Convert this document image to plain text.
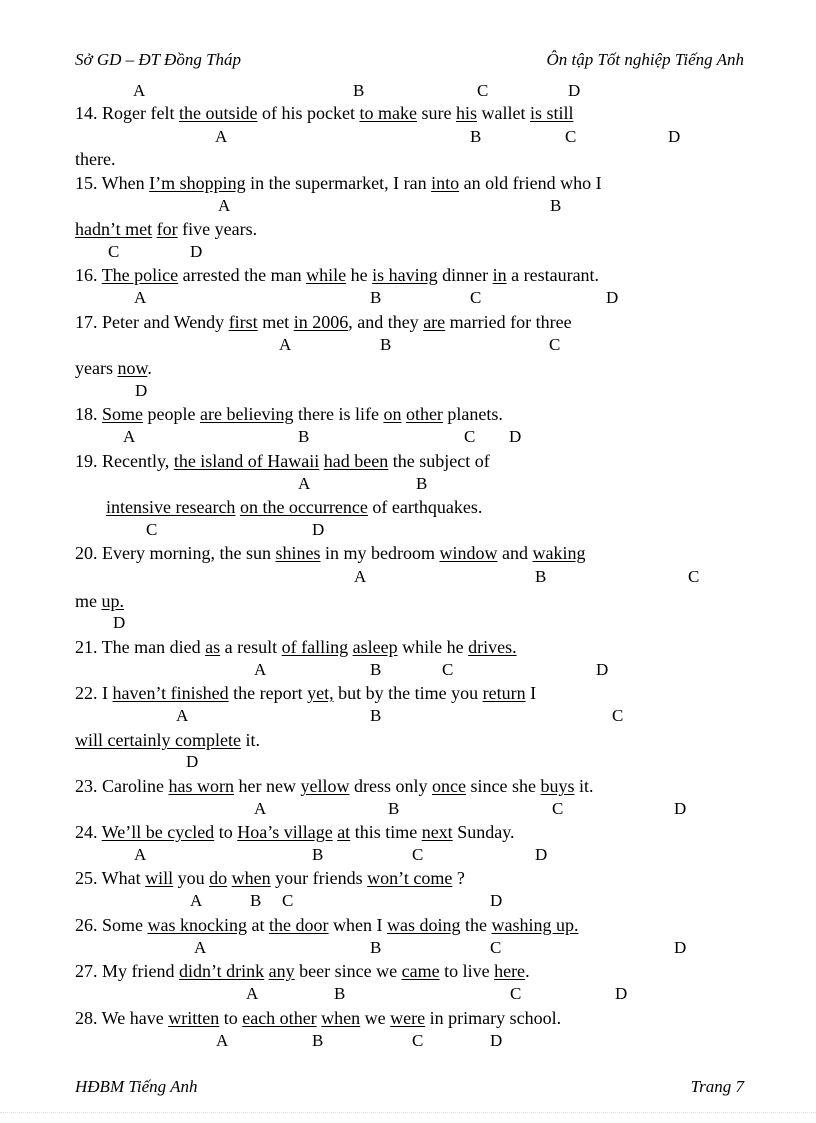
Sở GD – ĐT Đồng Tháp	Ôn tập Tốt nghiệp Tiếng Anh
A	B	C	D
14. Roger felt the outside of his pocket to make sure his wallet is still
A	B	C	D
there.
15. When I’m shopping in the supermarket, I ran into an old friend who I
A	B
hadn’t met for five years.
C	D
16. The police arrested the man while he is having dinner in a restaurant.
A	B	C	D
17. Peter and Wendy first met in 2006, and they are married for three
A	B	C
years now.
D
18. Some people are believing there is life on other planets.
A	B	C D
19. Recently, the island of Hawaii had been the subject of
A	B
intensive research on the occurrence of earthquakes.
C	D
20. Every morning, the sun shines in my bedroom window and waking
A	B	C
me up.
D
21. The man died as a result of falling asleep while he drives.
A	B	C	D
22. I haven’t finished the report yet, but by the time you return I
A	B	C
will certainly complete it.
D
23. Caroline has worn her new yellow dress only once since she buys it.
A	B	C	D
24. We’ll be cycled to Hoa’s village at this time next Sunday.
A	B	C	D
25. What will you do when your friends won’t come ?
A	B C	D
26. Some was knocking at the door when I was doing the washing up.
A	B	C	D
27. My friend didn’t drink any beer since we came to live here.
A	B	C	D
28. We have written to each other when we were in primary school.
A	B	C	D
HĐBM Tiếng Anh	Trang 7
